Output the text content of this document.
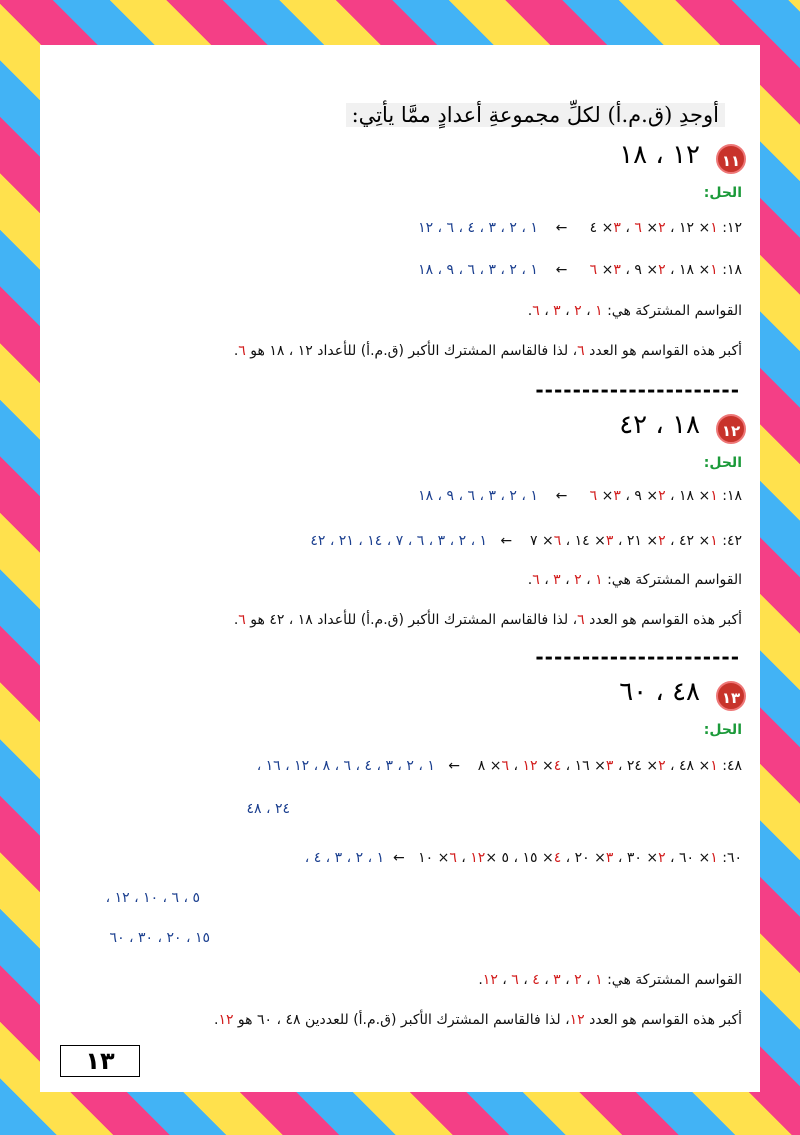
أوجدِ (ق.م.أ) لكلِّ مجموعةِ أعدادٍ ممَّا يأتِي:
١١
١٢ ، ١٨
الحل:
١٢: ١× ١٢ ، ٢× ٦ ، ٣× ٤     ←    ١ ، ٢ ، ٣ ، ٤ ، ٦ ، ١٢
١٨: ١× ١٨ ، ٢× ٩ ، ٣× ٦     ←    ١ ، ٢ ، ٣ ، ٦ ، ٩ ، ١٨
القواسم المشتركة هي: ١ ، ٢ ، ٣ ، ٦.
أكبر هذه القواسم هو العدد ٦، لذا فالقاسم المشترك الأكبر (ق.م.أ) للأعداد ١٢ ، ١٨ هو ٦.
----------------------
١٢
١٨ ، ٤٢
الحل:
١٨: ١× ١٨ ، ٢× ٩ ، ٣× ٦     ←    ١ ، ٢ ، ٣ ، ٦ ، ٩ ، ١٨
٤٢: ١× ٤٢ ، ٢× ٢١ ، ٣× ١٤ ، ٦× ٧    ←   ١ ، ٢ ، ٣ ، ٦ ، ٧ ، ١٤ ، ٢١ ، ٤٢
القواسم المشتركة هي: ١ ، ٢ ، ٣ ، ٦.
أكبر هذه القواسم هو العدد ٦، لذا فالقاسم المشترك الأكبر (ق.م.أ) للأعداد ١٨ ، ٤٢ هو ٦.
----------------------
١٣
٤٨ ، ٦٠
الحل:
٤٨: ١× ٤٨ ، ٢× ٢٤ ، ٣× ١٦ ، ٤× ١٢ ، ٦× ٨    ←   ١ ، ٢ ، ٣ ، ٤ ، ٦ ، ٨ ، ١٢ ، ١٦ ،
٢٤ ، ٤٨
٦٠: ١× ٦٠ ، ٢× ٣٠ ، ٣× ٢٠ ، ٤× ١٥ ، ٥ ×١٢ ، ٦× ١٠   ←  ١ ، ٢ ، ٣ ، ٤ ،
٥ ، ٦ ، ١٠ ، ١٢ ،
١٥ ، ٢٠ ، ٣٠ ، ٦٠
القواسم المشتركة هي: ١ ، ٢ ، ٣ ، ٤ ، ٦ ، ١٢.
أكبر هذه القواسم هو العدد ١٢، لذا فالقاسم المشترك الأكبر (ق.م.أ) للعددين ٤٨ ، ٦٠ هو ١٢.
١٣
